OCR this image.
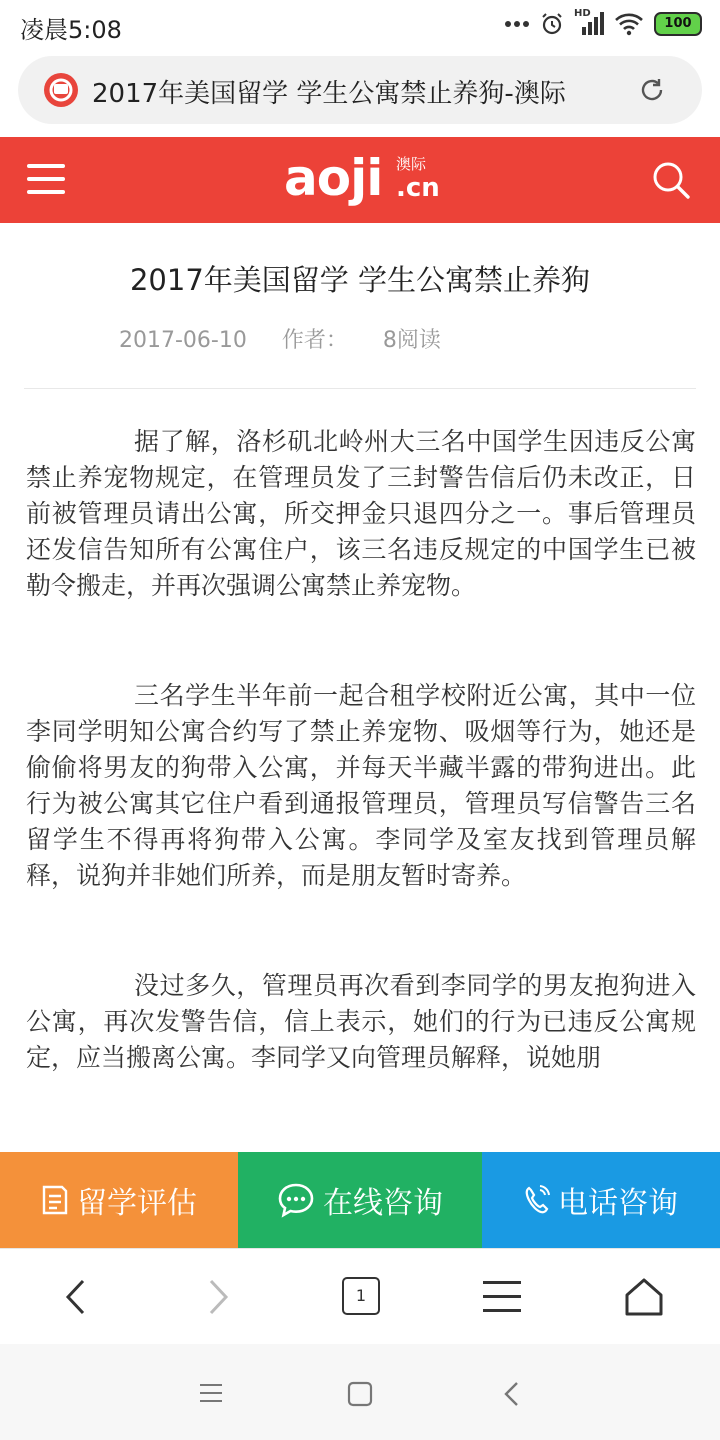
凌晨5:08
HD
100
2017年美国留学 学生公寓禁止养狗-澳际
aoji 澳际
.cn
2017年美国留学 学生公寓禁止养狗
2017-06-10 作者： 8阅读

据了解，洛杉矶北岭州大三名中国学生因违反公寓禁止养宠物规定，在管理员发了三封警告信后仍未改正，日前被管理员请出公寓，所交押金只退四分之一。事后管理员还发信告知所有公寓住户，该三名违反规定的中国学生已被勒令搬走，并再次强调公寓禁止养宠物。

三名学生半年前一起合租学校附近公寓，其中一位李同学明知公寓合约写了禁止养宠物、吸烟等行为，她还是偷偷将男友的狗带入公寓，并每天半藏半露的带狗进出。此行为被公寓其它住户看到通报管理员，管理员写信警告三名留学生不得再将狗带入公寓。李同学及室友找到管理员解释，说狗并非她们所养，而是朋友暂时寄养。

没过多久，管理员再次看到李同学的男友抱狗进入公寓，再次发警告信，信上表示，她们的行为已违反公寓规定，应当搬离公寓。李同学又向管理员解释，说她朋

留学评估	在线咨询	电话咨询
1
